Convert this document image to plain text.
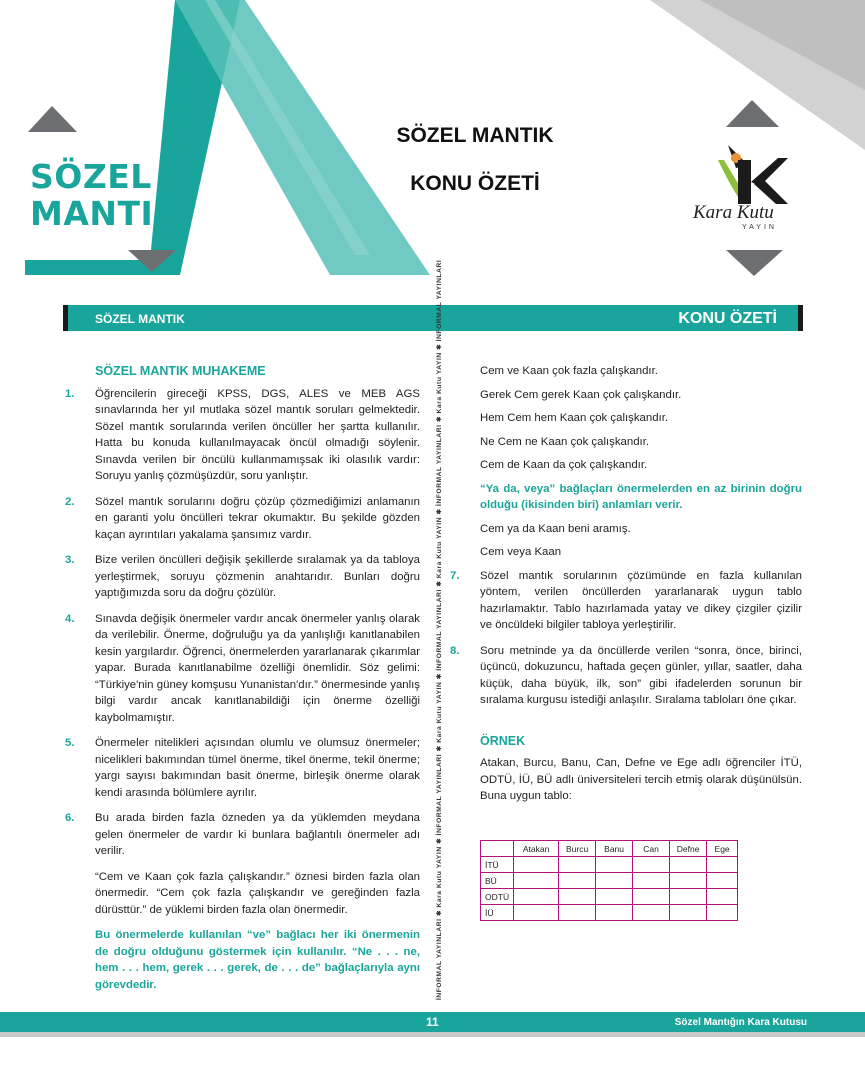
SÖZEL
MANTIK
SÖZEL MANTIK
KONU ÖZETİ
Kara Kutu
YAYIN
SÖZEL MANTIK	KONU ÖZETİ
SÖZEL MANTIK MUHAKEME
1. Öğrencilerin gireceği KPSS, DGS, ALES ve MEB AGS sınavlarında her yıl mutlaka sözel mantık soruları gelmektedir. Sözel mantık sorularında verilen öncüller her şartta kullanılır. Hatta bu konuda kullanılmayacak öncül olmadığı söylenir. Sınavda verilen bir öncülü kullanmamışsak iki olasılık vardır: Soruyu yanlış çözmüşüzdür, soru yanlıştır.
2. Sözel mantık sorularını doğru çözüp çözmediğimizi anlamanın en garanti yolu öncülleri tekrar okumaktır. Bu şekilde gözden kaçan ayrıntıları yakalama şansımız vardır.
3. Bize verilen öncülleri değişik şekillerde sıralamak ya da tabloya yerleştirmek, soruyu çözmenin anahtarıdır. Bunları doğru yaptığımızda soru da doğru çözülür.
4. Sınavda değişik önermeler vardır ancak önermeler yanlış olarak da verilebilir. Önerme, doğruluğu ya da yanlışlığı kanıtlanabilen kesin yargılardır. Öğrenci, önermelerden yararlanarak çıkarımlar yapar. Burada kanıtlanabilme özelliği önemlidir. Söz gelimi: “Türkiye'nin güney komşusu Yunanistan'dır.” önermesinde yanlış bilgi vardır ancak kanıtlanabildiği için önerme özelliği kaybolmamıştır.
5. Önermeler nitelikleri açısından olumlu ve olumsuz önermeler; nicelikleri bakımından tümel önerme, tikel önerme, tekil önerme; yargı sayısı bakımından basit önerme, birleşik önerme olarak kendi arasında bölümlere ayrılır.
6. Bu arada birden fazla özneden ya da yüklemden meydana gelen önermeler de vardır ki bunlara bağlantılı önermeler adı verilir.
“Cem ve Kaan çok fazla çalışkandır.” öznesi birden fazla olan önermedir. “Cem çok fazla çalışkandır ve gereğinden fazla dürüsttür.” de yüklemi birden fazla olan önermedir.
Bu önermelerde kullanılan “ve” bağlacı her iki önermenin de doğru olduğunu göstermek için kullanılır. “Ne . . . ne, hem . . . hem, gerek . . . gerek, de . . . de” bağlaçlarıyla aynı görevdedir.	İNFORMAL YAYINLARI ✱ Kara Kutu YAYIN ✱ İNFORMAL YAYINLARI ✱ Kara Kutu YAYIN ✱ İNFORMAL YAYINLARI ✱ Kara Kutu YAYIN ✱ İNFORMAL YAYINLARI ✱ Kara Kutu YAYIN ✱ İNFORMAL YAYINLARI
Cem ve Kaan çok fazla çalışkandır.
Gerek Cem gerek Kaan çok çalışkandır.
Hem Cem hem Kaan çok çalışkandır.
Ne Cem ne Kaan çok çalışkandır.
Cem de Kaan da çok çalışkandır.
“Ya da, veya” bağlaçları önermelerden en az birinin doğru olduğu (ikisinden biri) anlamları verir.
Cem ya da Kaan beni aramış.
Cem veya Kaan
7. Sözel mantık sorularının çözümünde en fazla kullanılan yöntem, verilen öncüllerden yararlanarak uygun tablo hazırlamaktır. Tablo hazırlamada yatay ve dikey çizgiler çizilir ve öncüldeki bilgiler tabloya yerleştirilir.
8. Soru metninde ya da öncüllerde verilen “sonra, önce, birinci, üçüncü, dokuzuncu, haftada geçen günler, yıllar, saatler, daha küçük, daha büyük, ilk, son” gibi ifadelerden sorunun bir sıralama kurgusu istediği anlaşılır. Sıralama tabloları öne çıkar.
ÖRNEK
Atakan, Burcu, Banu, Can, Defne ve Ege adlı öğrenciler İTÜ, ODTÜ, İÜ, BÜ adlı üniversiteleri tercih etmiş olarak düşünülsün. Buna uygun tablo:
	Atakan	Burcu	Banu	Can	Defne	Ege
İTÜ						
BÜ						
ODTÜ						
İÜ						
11	Sözel Mantığın Kara Kutusu
